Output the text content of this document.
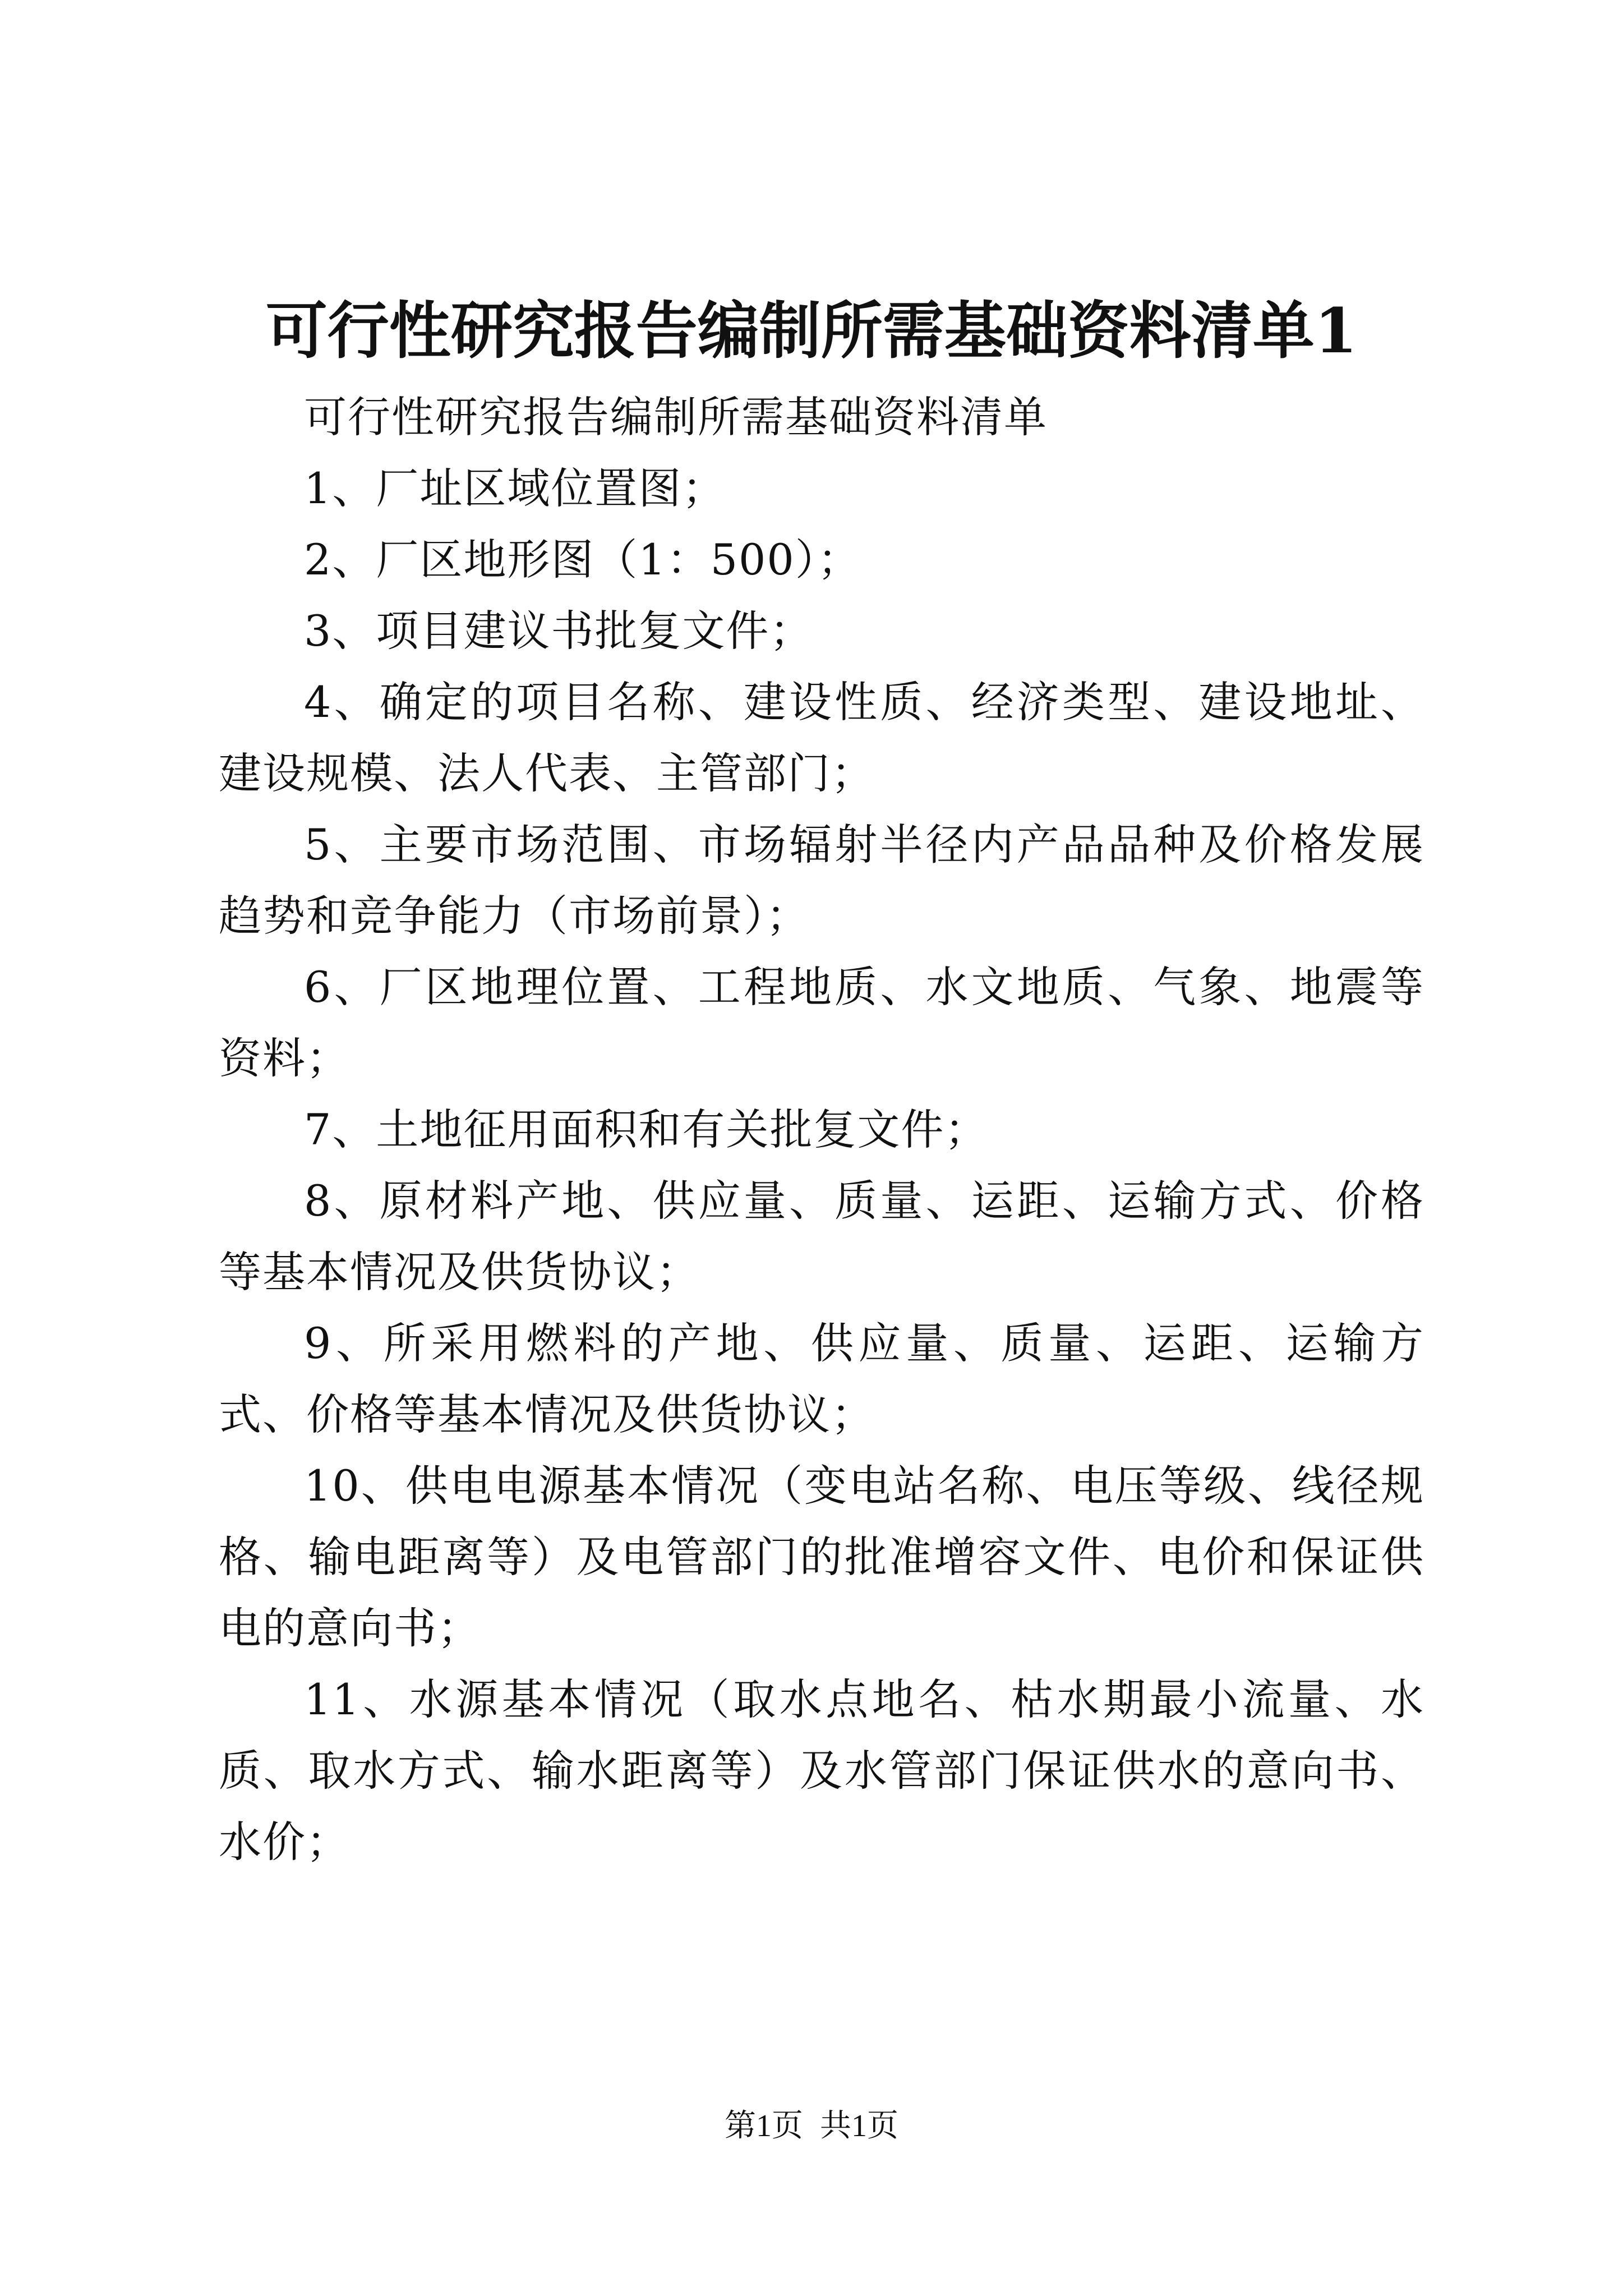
可行性研究报告编制所需基础资料清单1

可行性研究报告编制所需基础资料清单

1、厂址区域位置图；

2、厂区地形图（1：500）；

3、项目建议书批复文件；

4、确定的项目名称、建设性质、经济类型、建设地址、建设规模、法人代表、主管部门；

5、主要市场范围、市场辐射半径内产品品种及价格发展趋势和竞争能力（市场前景）；

6、厂区地理位置、工程地质、水文地质、气象、地震等资料；

7、土地征用面积和有关批复文件；

8、原材料产地、供应量、质量、运距、运输方式、价格等基本情况及供货协议；

9、所采用燃料的产地、供应量、质量、运距、运输方式、价格等基本情况及供货协议；

10、供电电源基本情况（变电站名称、电压等级、线径规格、输电距离等）及电管部门的批准增容文件、电价和保证供电的意向书；

11、水源基本情况（取水点地名、枯水期最小流量、水质、取水方式、输水距离等）及水管部门保证供水的意向书、水价；

第1页 共1页
